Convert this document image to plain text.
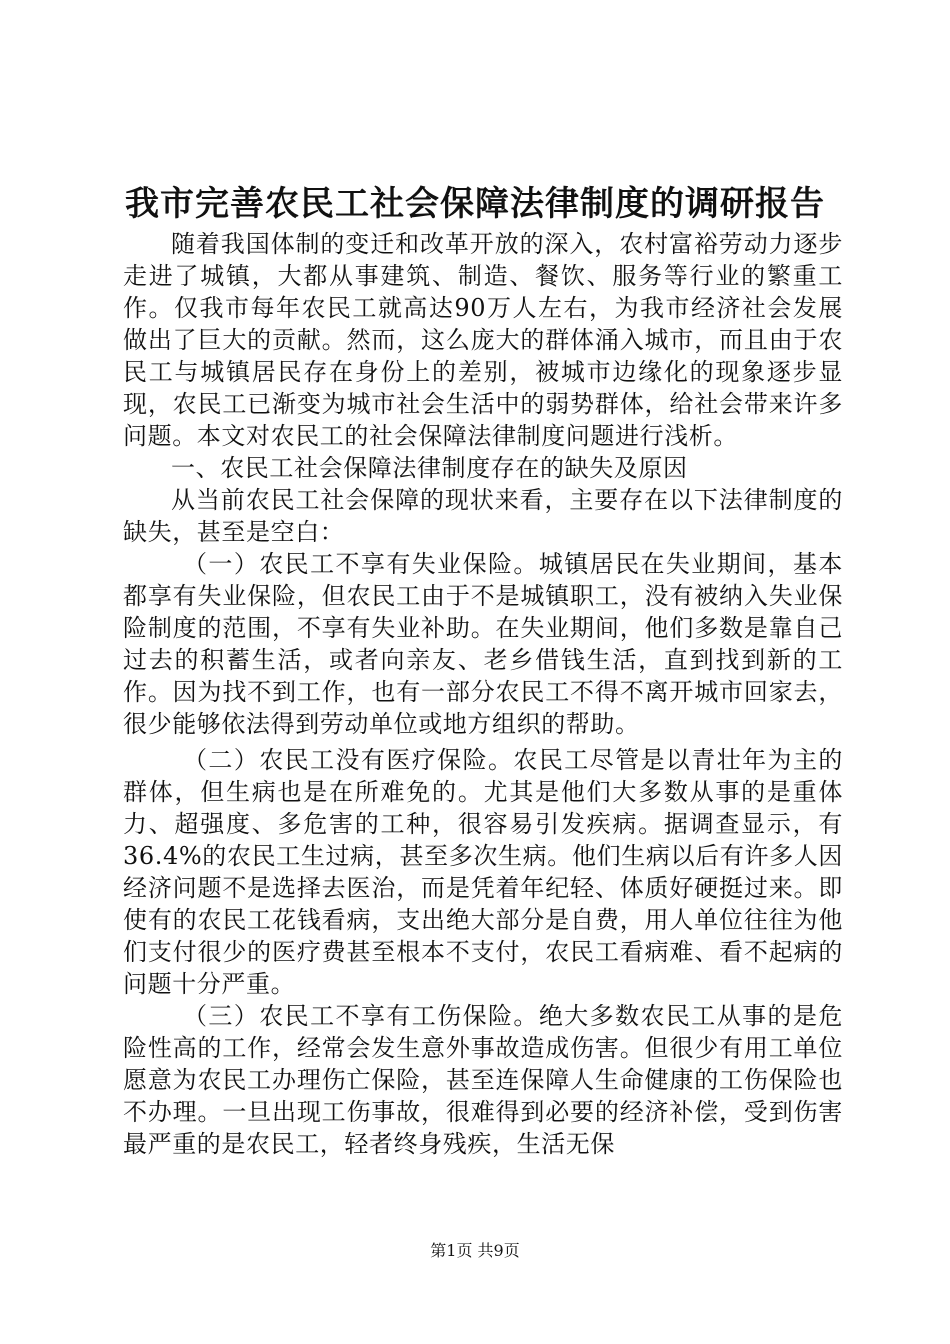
我市完善农民工社会保障法律制度的调研报告

随着我国体制的变迁和改革开放的深入，农村富裕劳动力逐步走进了城镇，大都从事建筑、制造、餐饮、服务等行业的繁重工作。仅我市每年农民工就高达90万人左右，为我市经济社会发展做出了巨大的贡献。然而，这么庞大的群体涌入城市，而且由于农民工与城镇居民存在身份上的差别，被城市边缘化的现象逐步显现，农民工已渐变为城市社会生活中的弱势群体，给社会带来许多问题。本文对农民工的社会保障法律制度问题进行浅析。

一、农民工社会保障法律制度存在的缺失及原因

从当前农民工社会保障的现状来看，主要存在以下法律制度的缺失，甚至是空白：

（一）农民工不享有失业保险。城镇居民在失业期间，基本都享有失业保险，但农民工由于不是城镇职工，没有被纳入失业保险制度的范围，不享有失业补助。在失业期间，他们多数是靠自己过去的积蓄生活，或者向亲友、老乡借钱生活，直到找到新的工作。因为找不到工作，也有一部分农民工不得不离开城市回家去，很少能够依法得到劳动单位或地方组织的帮助。

（二）农民工没有医疗保险。农民工尽管是以青壮年为主的群体，但生病也是在所难免的。尤其是他们大多数从事的是重体力、超强度、多危害的工种，很容易引发疾病。据调查显示，有36.4%的农民工生过病，甚至多次生病。他们生病以后有许多人因经济问题不是选择去医治，而是凭着年纪轻、体质好硬挺过来。即使有的农民工花钱看病，支出绝大部分是自费，用人单位往往为他们支付很少的医疗费甚至根本不支付，农民工看病难、看不起病的问题十分严重。

（三）农民工不享有工伤保险。绝大多数农民工从事的是危险性高的工作，经常会发生意外事故造成伤害。但很少有用工单位愿意为农民工办理伤亡保险，甚至连保障人生命健康的工伤保险也不办理。一旦出现工伤事故，很难得到必要的经济补偿，受到伤害最严重的是农民工，轻者终身残疾，生活无保

第1页 共9页
